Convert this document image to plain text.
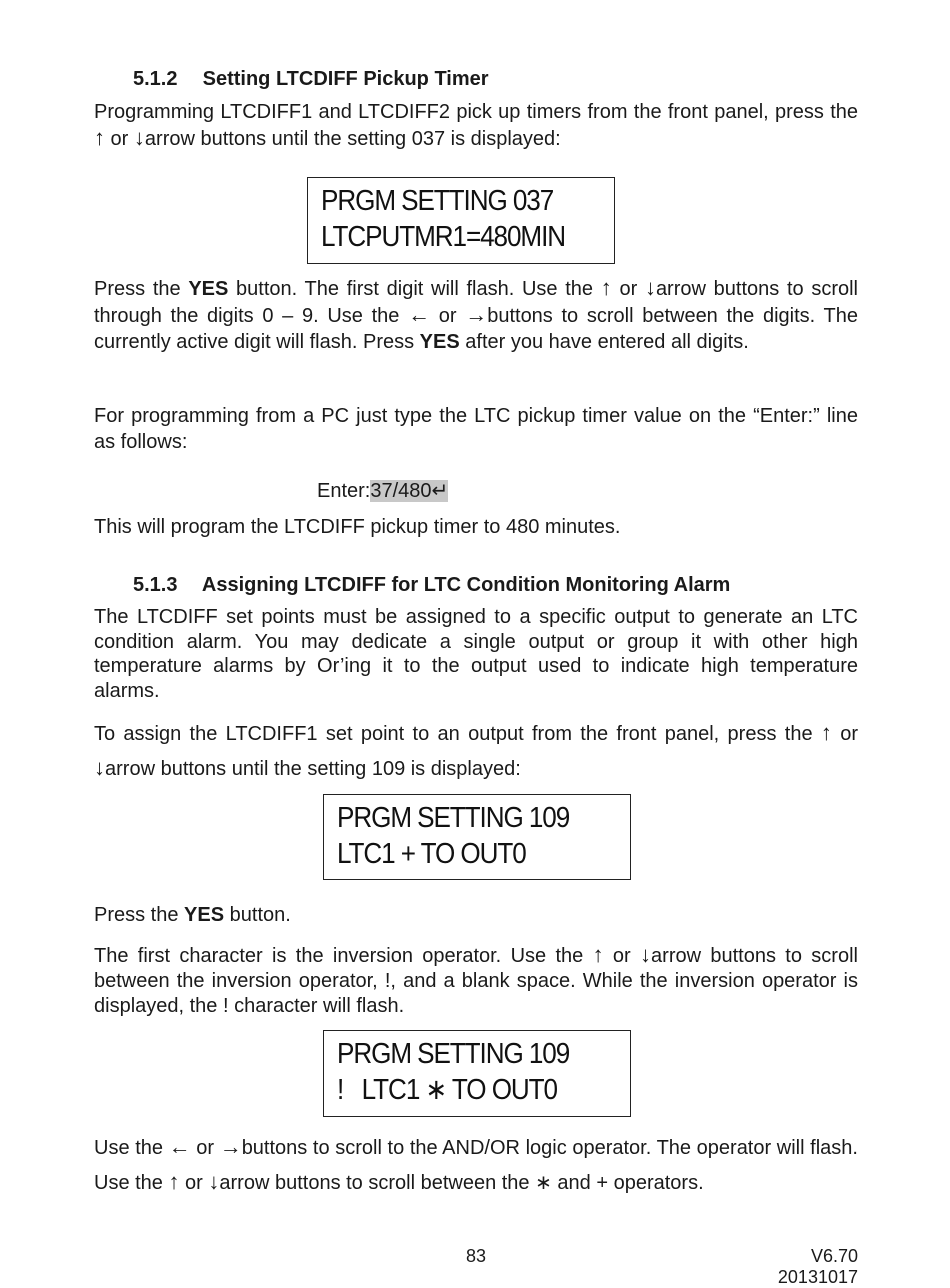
5.1.2 Setting LTCDIFF Pickup Timer
Programming LTCDIFF1 and LTCDIFF2 pick up timers from the front panel, press the ↑ or ↓arrow buttons until the setting 037 is displayed:
PRGM SETTING 037
LTCPUTMR1=480MIN
Press the YES button. The first digit will flash. Use the ↑ or ↓arrow buttons to scroll through the digits 0 – 9. Use the ← or →buttons to scroll between the digits. The currently active digit will flash. Press YES after you have entered all digits.
For programming from a PC just type the LTC pickup timer value on the “Enter:” line as follows:
Enter:37/480↵
This will program the LTCDIFF pickup timer to 480 minutes.
5.1.3 Assigning LTCDIFF for LTC Condition Monitoring Alarm
The LTCDIFF set points must be assigned to a specific output to generate an LTC condition alarm. You may dedicate a single output or group it with other high temperature alarms by Or’ing it to the output used to indicate high temperature alarms.
To assign the LTCDIFF1 set point to an output from the front panel, press the ↑ or ↓arrow buttons until the setting 109 is displayed:
PRGM SETTING 109
LTC1 + TO OUT0
Press the YES button.
The first character is the inversion operator. Use the ↑ or ↓arrow buttons to scroll between the inversion operator, !, and a blank space. While the inversion operator is displayed, the ! character will flash.
PRGM SETTING 109
!   LTC1 ∗ TO OUT0
Use the ← or →buttons to scroll to the AND/OR logic operator. The operator will flash. Use the ↑ or ↓arrow buttons to scroll between the ∗ and + operators.
83	V6.70 20131017
